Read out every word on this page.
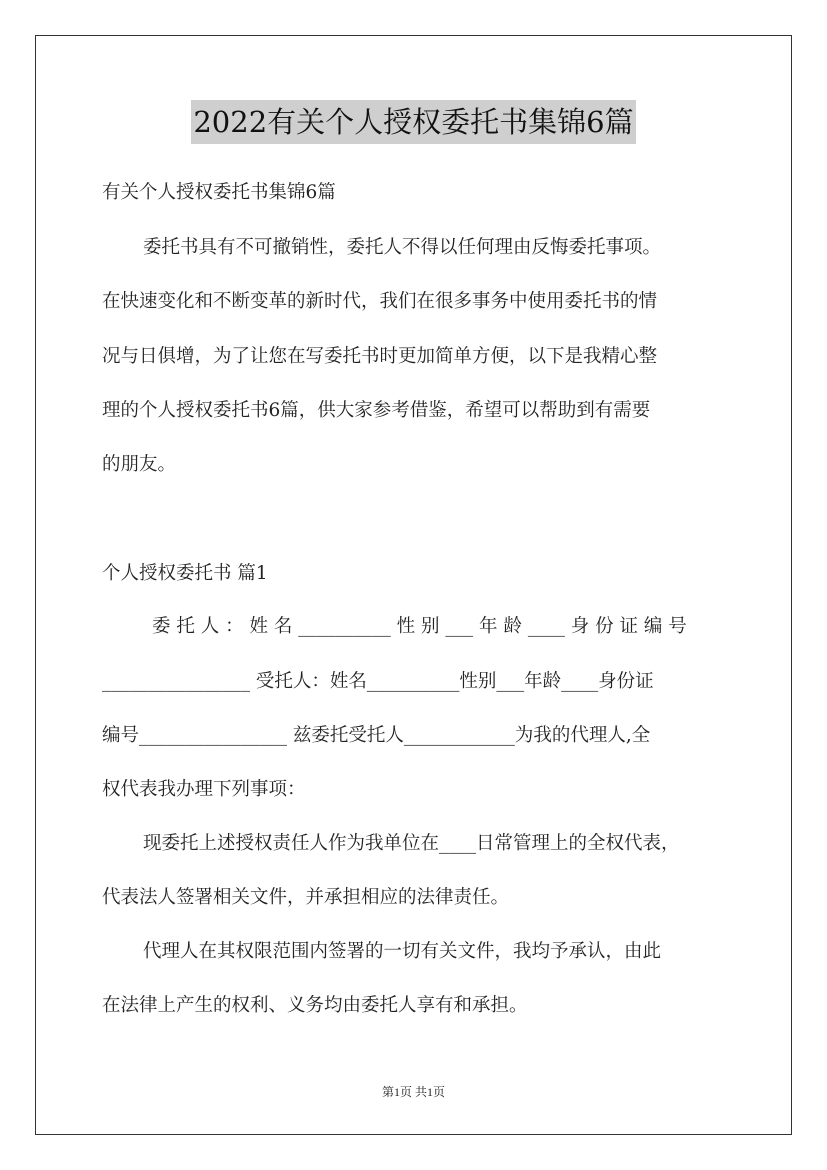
2022有关个人授权委托书集锦6篇
有关个人授权委托书集锦6篇
委托书具有不可撤销性，委托人不得以任何理由反悔委托事项。
在快速变化和不断变革的新时代，我们在很多事务中使用委托书的情
况与日俱增，为了让您在写委托书时更加简单方便，以下是我精心整
理的个人授权委托书6篇，供大家参考借鉴，希望可以帮助到有需要
的朋友。
个人授权委托书 篇1
委 托 人 ： 姓 名 __________ 性 别 ___ 年 龄 ____ 身 份 证 编 号
________________ 受托人：姓名__________性别___年龄____身份证
编号________________ 兹委托受托人____________为我的代理人,全
权代表我办理下列事项：
现委托上述授权责任人作为我单位在____日常管理上的全权代表，
代表法人签署相关文件，并承担相应的法律责任。
代理人在其权限范围内签署的一切有关文件，我均予承认，由此
在法律上产生的权利、义务均由委托人享有和承担。
第1页 共1页
